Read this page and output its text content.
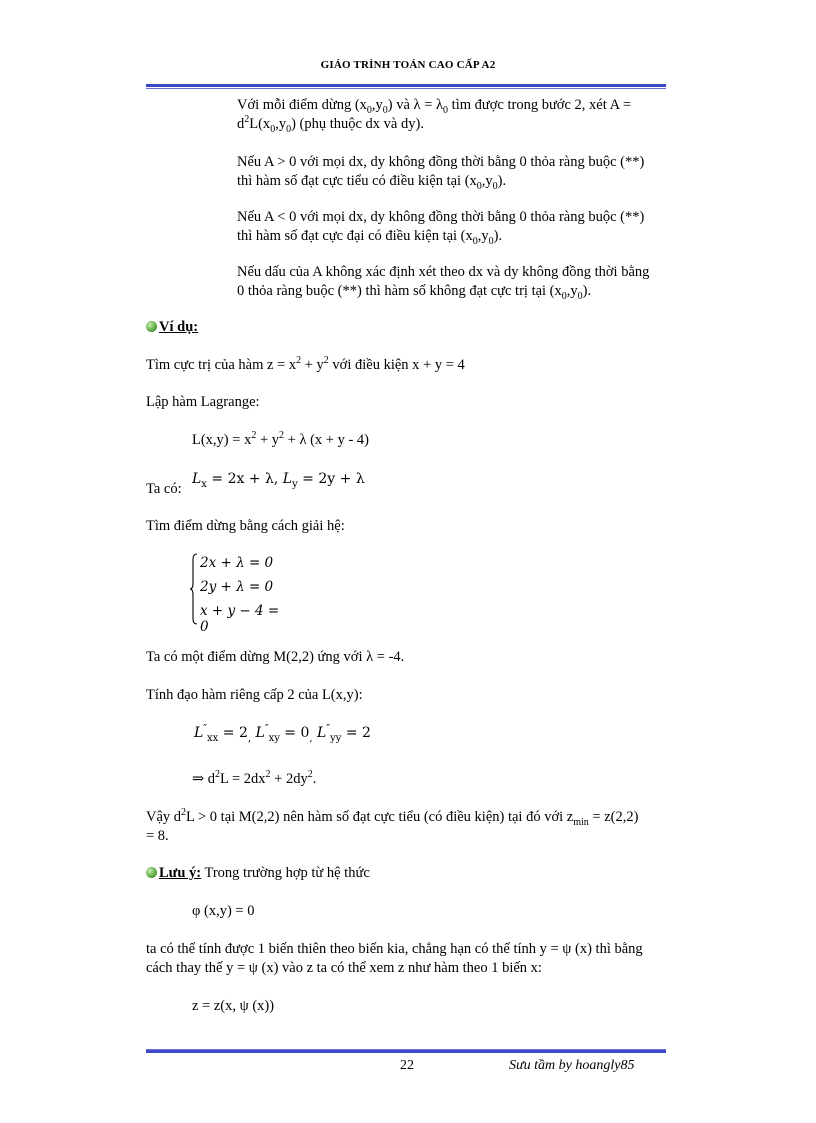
GIÁO TRÌNH TOÁN CAO CẤP A2
Với mỗi điểm dừng $(x_0,y_0)$ và $\lambda = \lambda_0$ tìm được trong bước 2, xét A =
$d^2L(x_0,y_0)$ (phụ thuộc dx và dy).
Nếu A > 0 với mọi dx, dy không đồng thời bằng 0 thỏa ràng buộc (**)
thì hàm số đạt cực tiểu có điều kiện tại $(x_0,y_0)$.
Nếu A < 0 với mọi dx, dy không đồng thời bằng 0 thỏa ràng buộc (**)
thì hàm số đạt cực đại có điều kiện tại $(x_0,y_0)$.
Nếu dấu của A không xác định xét theo dx và dy không đồng thời bằng
0 thỏa ràng buộc (**) thì hàm số không đạt cực trị tại $(x_0,y_0)$.
Ví dụ:
Tìm cực trị của hàm $z = x^2 + y^2$ với điều kiện x + y = 4
Lập hàm Lagrange:
$L(x,y) = x^2 + y^2 + \lambda$ (x + y - 4)
Ta có:
$L_x = 2x + \lambda$, $L_y = 2y + \lambda$
Tìm điểm dừng bằng cách giải hệ:
2x + λ = 0
2y + λ = 0
x + y − 4 = 0
Ta có một điểm dừng M(2,2) ứng với λ = -4.
Tính đạo hàm riêng cấp 2 của L(x,y):
$L''_{xx} = 2_,$ $L''_{xy} = 0_,$ $L''_{yy} = 2$
⇒ $d^2L = 2dx^2 + 2dy^2$.
Vậy $d^2L > 0$ tại M(2,2) nên hàm số đạt cực tiểu (có điều kiện) tại đó với $z_{min} = z(2,2)$
= 8.
Lưu ý: Trong trường hợp từ hệ thức
φ (x,y) = 0
ta có thể tính được 1 biến thiên theo biến kia, chẳng hạn có thể tính y = ψ (x) thì bằng
cách thay thế y = ψ (x) vào z ta có thể xem z như hàm theo 1 biến x:
z = z(x, ψ (x))
22	Sưu tầm by hoangly85
